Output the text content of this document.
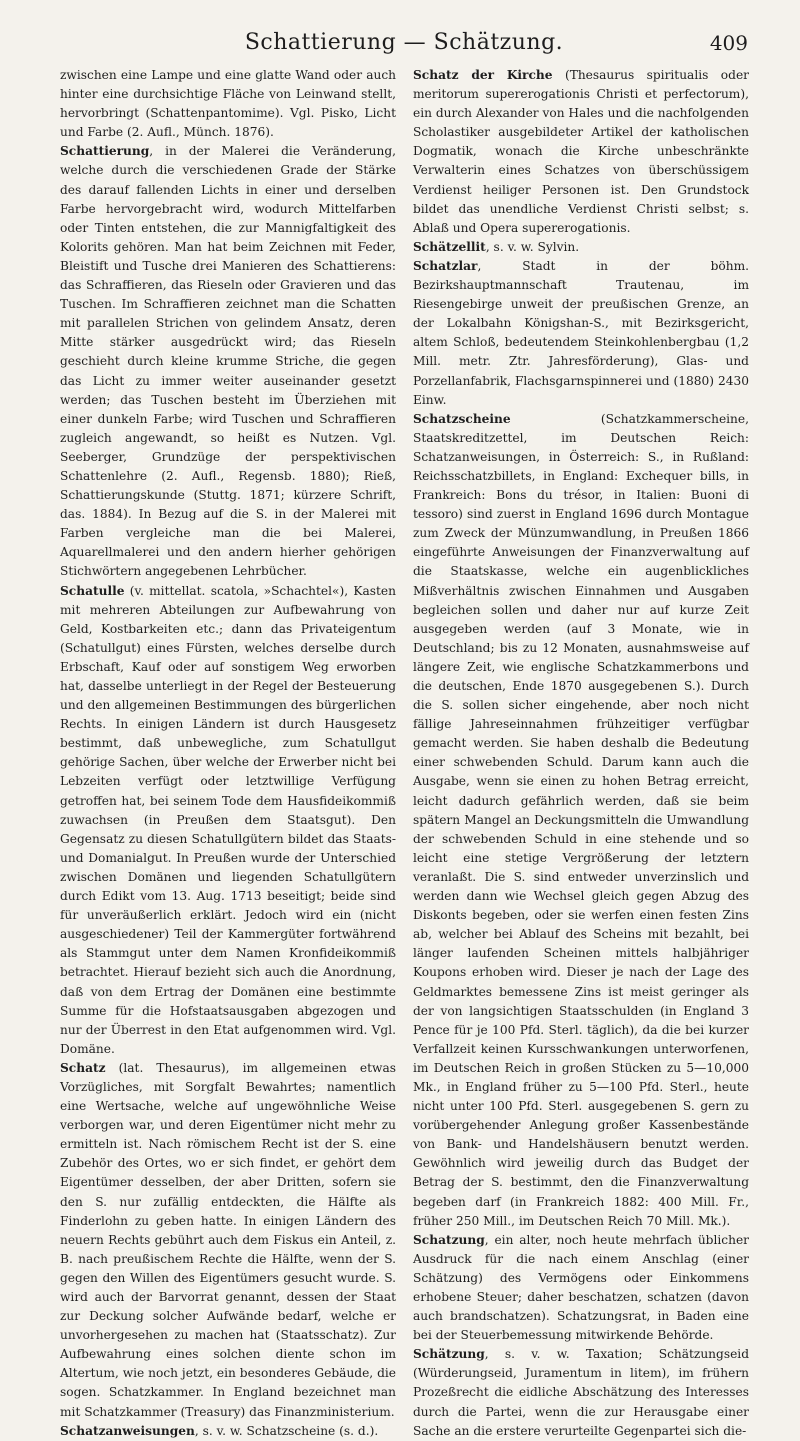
Schattierung — Schätzung.	409

zwischen eine Lampe und eine glatte Wand oder auch hinter eine durchsichtige Fläche von Leinwand stellt, hervorbringt (Schattenpantomime). Vgl. Pisko, Licht und Farbe (2. Aufl., Münch. 1876).

Schattierung, in der Malerei die Veränderung, welche durch die verschiedenen Grade der Stärke des darauf fallenden Lichts in einer und derselben Farbe hervorgebracht wird, wodurch Mittelfarben oder Tinten entstehen, die zur Mannigfaltigkeit des Kolorits gehören. Man hat beim Zeichnen mit Feder, Bleistift und Tusche drei Manieren des Schattierens: das Schraffieren, das Rieseln oder Gravieren und das Tuschen. Im Schraffieren zeichnet man die Schatten mit parallelen Strichen von gelindem Ansatz, deren Mitte stärker ausgedrückt wird; das Rieseln geschieht durch kleine krumme Striche, die gegen das Licht zu immer weiter auseinander gesetzt werden; das Tuschen besteht im Überziehen mit einer dunkeln Farbe; wird Tuschen und Schraffieren zugleich angewandt, so heißt es Nutzen. Vgl. Seeberger, Grundzüge der perspektivischen Schattenlehre (2. Aufl., Regensb. 1880); Rieß, Schattierungskunde (Stuttg. 1871; kürzere Schrift, das. 1884). In Bezug auf die S. in der Malerei mit Farben vergleiche man die bei Malerei, Aquarellmalerei und den andern hierher gehörigen Stichwörtern angegebenen Lehrbücher.

Schatulle (v. mittellat. scatola, »Schachtel«), Kasten mit mehreren Abteilungen zur Aufbewahrung von Geld, Kostbarkeiten etc.; dann das Privateigentum (Schatullgut) eines Fürsten, welches derselbe durch Erbschaft, Kauf oder auf sonstigem Weg erworben hat, dasselbe unterliegt in der Regel der Besteuerung und den allgemeinen Bestimmungen des bürgerlichen Rechts. In einigen Ländern ist durch Hausgesetz bestimmt, daß unbewegliche, zum Schatullgut gehörige Sachen, über welche der Erwerber nicht bei Lebzeiten verfügt oder letztwillige Verfügung getroffen hat, bei seinem Tode dem Hausfideikommiß zuwachsen (in Preußen dem Staatsgut). Den Gegensatz zu diesen Schatullgütern bildet das Staats- und Domanialgut. In Preußen wurde der Unterschied zwischen Domänen und liegenden Schatullgütern durch Edikt vom 13. Aug. 1713 beseitigt; beide sind für unveräußerlich erklärt. Jedoch wird ein (nicht ausgeschiedener) Teil der Kammergüter fortwährend als Stammgut unter dem Namen Kronfideikommiß betrachtet. Hierauf bezieht sich auch die Anordnung, daß von dem Ertrag der Domänen eine bestimmte Summe für die Hofstaatsausgaben abgezogen und nur der Überrest in den Etat aufgenommen wird. Vgl. Domäne.

Schatz (lat. Thesaurus), im allgemeinen etwas Vorzügliches, mit Sorgfalt Bewahrtes; namentlich eine Wertsache, welche auf ungewöhnliche Weise verborgen war, und deren Eigentümer nicht mehr zu ermitteln ist. Nach römischem Recht ist der S. eine Zubehör des Ortes, wo er sich findet, er gehört dem Eigentümer desselben, der aber Dritten, sofern sie den S. nur zufällig entdeckten, die Hälfte als Finderlohn zu geben hatte. In einigen Ländern des neuern Rechts gebührt auch dem Fiskus ein Anteil, z. B. nach preußischem Rechte die Hälfte, wenn der S. gegen den Willen des Eigentümers gesucht wurde. S. wird auch der Barvorrat genannt, dessen der Staat zur Deckung solcher Aufwände bedarf, welche er unvorhergesehen zu machen hat (Staatsschatz). Zur Aufbewahrung eines solchen diente schon im Altertum, wie noch jetzt, ein besonderes Gebäude, die sogen. Schatzkammer. In England bezeichnet man mit Schatzkammer (Treasury) das Finanzministerium.

Schatzanweisungen, s. v. w. Schatzscheine (s. d.).

Schatz der Kirche (Thesaurus spiritualis oder meritorum supererogationis Christi et perfectorum), ein durch Alexander von Hales und die nachfolgenden Scholastiker ausgebildeter Artikel der katholischen Dogmatik, wonach die Kirche unbeschränkte Verwalterin eines Schatzes von überschüssigem Verdienst heiliger Personen ist. Den Grundstock bildet das unendliche Verdienst Christi selbst; s. Ablaß und Opera supererogationis.

Schätzellit, s. v. w. Sylvin.

Schatzlar, Stadt in der böhm. Bezirkshauptmannschaft Trautenau, im Riesengebirge unweit der preußischen Grenze, an der Lokalbahn Königshan-S., mit Bezirksgericht, altem Schloß, bedeutendem Steinkohlenbergbau (1,2 Mill. metr. Ztr. Jahresförderung), Glas- und Porzellanfabrik, Flachsgarnspinnerei und (1880) 2430 Einw.

Schatzscheine (Schatzkammerscheine, Staatskreditzettel, im Deutschen Reich: Schatzanweisungen, in Österreich: S., in Rußland: Reichsschatzbillets, in England: Exchequer bills, in Frankreich: Bons du trésor, in Italien: Buoni di tessoro) sind zuerst in England 1696 durch Montague zum Zweck der Münzumwandlung, in Preußen 1866 eingeführte Anweisungen der Finanzverwaltung auf die Staatskasse, welche ein augenblickliches Mißverhältnis zwischen Einnahmen und Ausgaben begleichen sollen und daher nur auf kurze Zeit ausgegeben werden (auf 3 Monate, wie in Deutschland; bis zu 12 Monaten, ausnahmsweise auf längere Zeit, wie englische Schatzkammerbons und die deutschen, Ende 1870 ausgegebenen S.). Durch die S. sollen sicher eingehende, aber noch nicht fällige Jahreseinnahmen frühzeitiger verfügbar gemacht werden. Sie haben deshalb die Bedeutung einer schwebenden Schuld. Darum kann auch die Ausgabe, wenn sie einen zu hohen Betrag erreicht, leicht dadurch gefährlich werden, daß sie beim spätern Mangel an Deckungsmitteln die Umwandlung der schwebenden Schuld in eine stehende und so leicht eine stetige Vergrößerung der letztern veranlaßt. Die S. sind entweder unverzinslich und werden dann wie Wechsel gleich gegen Abzug des Diskonts begeben, oder sie werfen einen festen Zins ab, welcher bei Ablauf des Scheins mit bezahlt, bei länger laufenden Scheinen mittels halbjähriger Koupons erhoben wird. Dieser je nach der Lage des Geldmarktes bemessene Zins ist meist geringer als der von langsichtigen Staatsschulden (in England 3 Pence für je 100 Pfd. Sterl. täglich), da die bei kurzer Verfallzeit keinen Kursschwankungen unterworfenen, im Deutschen Reich in großen Stücken zu 5—10,000 Mk., in England früher zu 5—100 Pfd. Sterl., heute nicht unter 100 Pfd. Sterl. ausgegebenen S. gern zu vorübergehender Anlegung großer Kassenbestände von Bank- und Handelshäusern benutzt werden. Gewöhnlich wird jeweilig durch das Budget der Betrag der S. bestimmt, den die Finanzverwaltung begeben darf (in Frankreich 1882: 400 Mill. Fr., früher 250 Mill., im Deutschen Reich 70 Mill. Mk.).

Schatzung, ein alter, noch heute mehrfach üblicher Ausdruck für die nach einem Anschlag (einer Schätzung) des Vermögens oder Einkommens erhobene Steuer; daher beschatzen, schatzen (davon auch brandschatzen). Schatzungsrat, in Baden eine bei der Steuerbemessung mitwirkende Behörde.

Schätzung, s. v. w. Taxation; Schätzungseid (Würderungseid, Juramentum in litem), im frühern Prozeßrecht die eidliche Abschätzung des Interesses durch die Partei, wenn die zur Herausgabe einer Sache an die erstere verurteilte Gegenpartei sich die-
